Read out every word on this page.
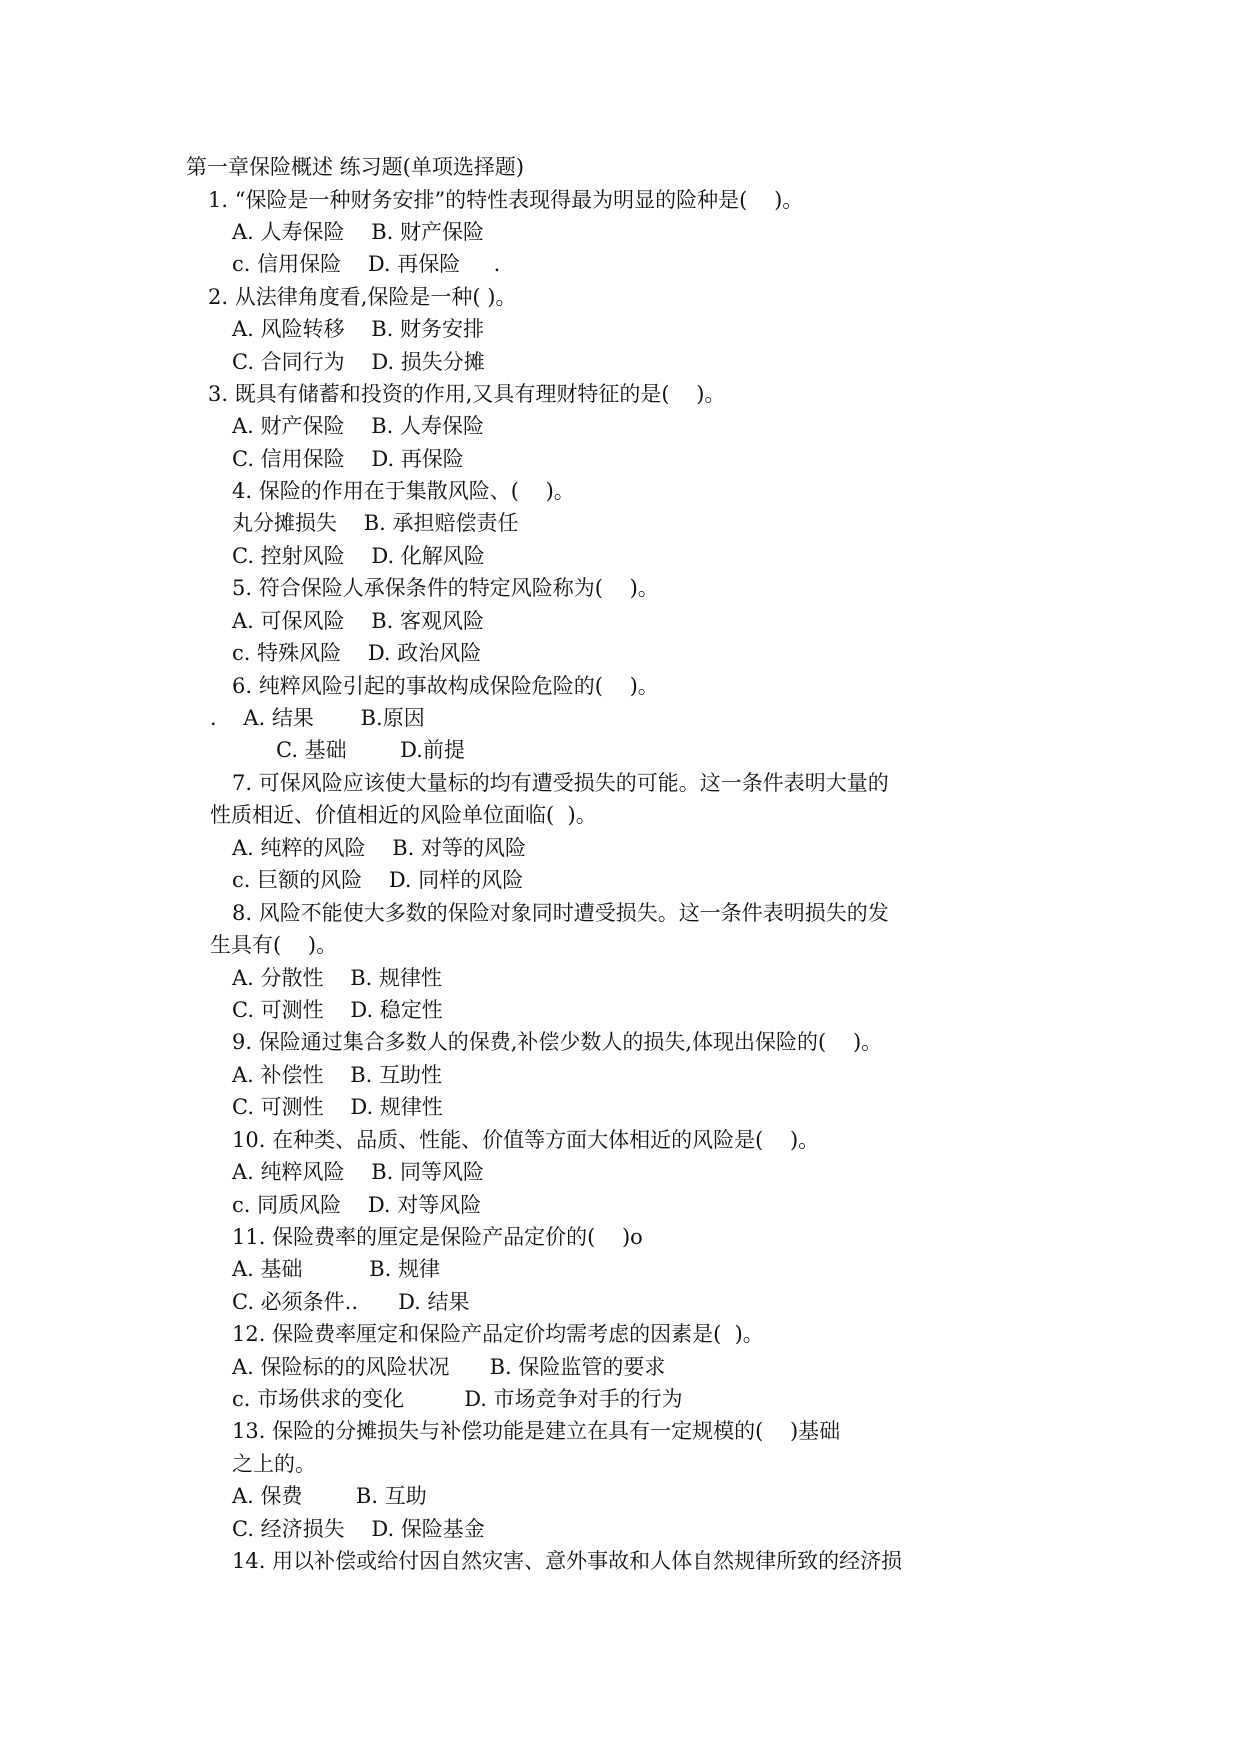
第一章保险概述 练习题(单项选择题)
1. “保险是一种财务安排”的特性表现得最为明显的险种是(    )。
A. 人寿保险    B. 财产保险
c. 信用保险    D. 再保险     .
2. 从法律角度看,保险是一种( )。
A. 风险转移    B. 财务安排
C. 合同行为    D. 损失分摊
3. 既具有储蓄和投资的作用,又具有理财特征的是(    )。
A. 财产保险    B. 人寿保险
C. 信用保险    D. 再保险
4. 保险的作用在于集散风险、(    )。
丸分摊损失    B. 承担赔偿责任
C. 控射风险    D. 化解风险
5. 符合保险人承保条件的特定风险称为(    )。
A. 可保风险    B. 客观风险
c. 特殊风险    D. 政治风险
6. 纯粹风险引起的事故构成保险危险的(    )。
.    A. 结果       B.原因
C. 基础        D.前提
7. 可保风险应该使大量标的均有遭受损失的可能。这一条件表明大量的
性质相近、价值相近的风险单位面临(  )。
A. 纯粹的风险    B. 对等的风险
c. 巨额的风险    D. 同样的风险
8. 风险不能使大多数的保险对象同时遭受损失。这一条件表明损失的发
生具有(    )。
A. 分散性    B. 规律性
C. 可测性    D. 稳定性
9. 保险通过集合多数人的保费,补偿少数人的损失,体现出保险的(    )。
A. 补偿性    B. 互助性
C. 可测性    D. 规律性
10. 在种类、品质、性能、价值等方面大体相近的风险是(    )。
A. 纯粹风险    B. 同等风险
c. 同质风险    D. 对等风险
11. 保险费率的厘定是保险产品定价的(    )o
A. 基础          B. 规律
C. 必须条件..      D. 结果
12. 保险费率厘定和保险产品定价均需考虑的因素是(  )。
A. 保险标的的风险状况      B. 保险监管的要求
c. 市场供求的变化         D. 市场竞争对手的行为
13. 保险的分摊损失与补偿功能是建立在具有一定规模的(    )基础
之上的。
A. 保费        B. 互助
C. 经济损失    D. 保险基金
14. 用以补偿或给付因自然灾害、意外事故和人体自然规律所致的经济损
